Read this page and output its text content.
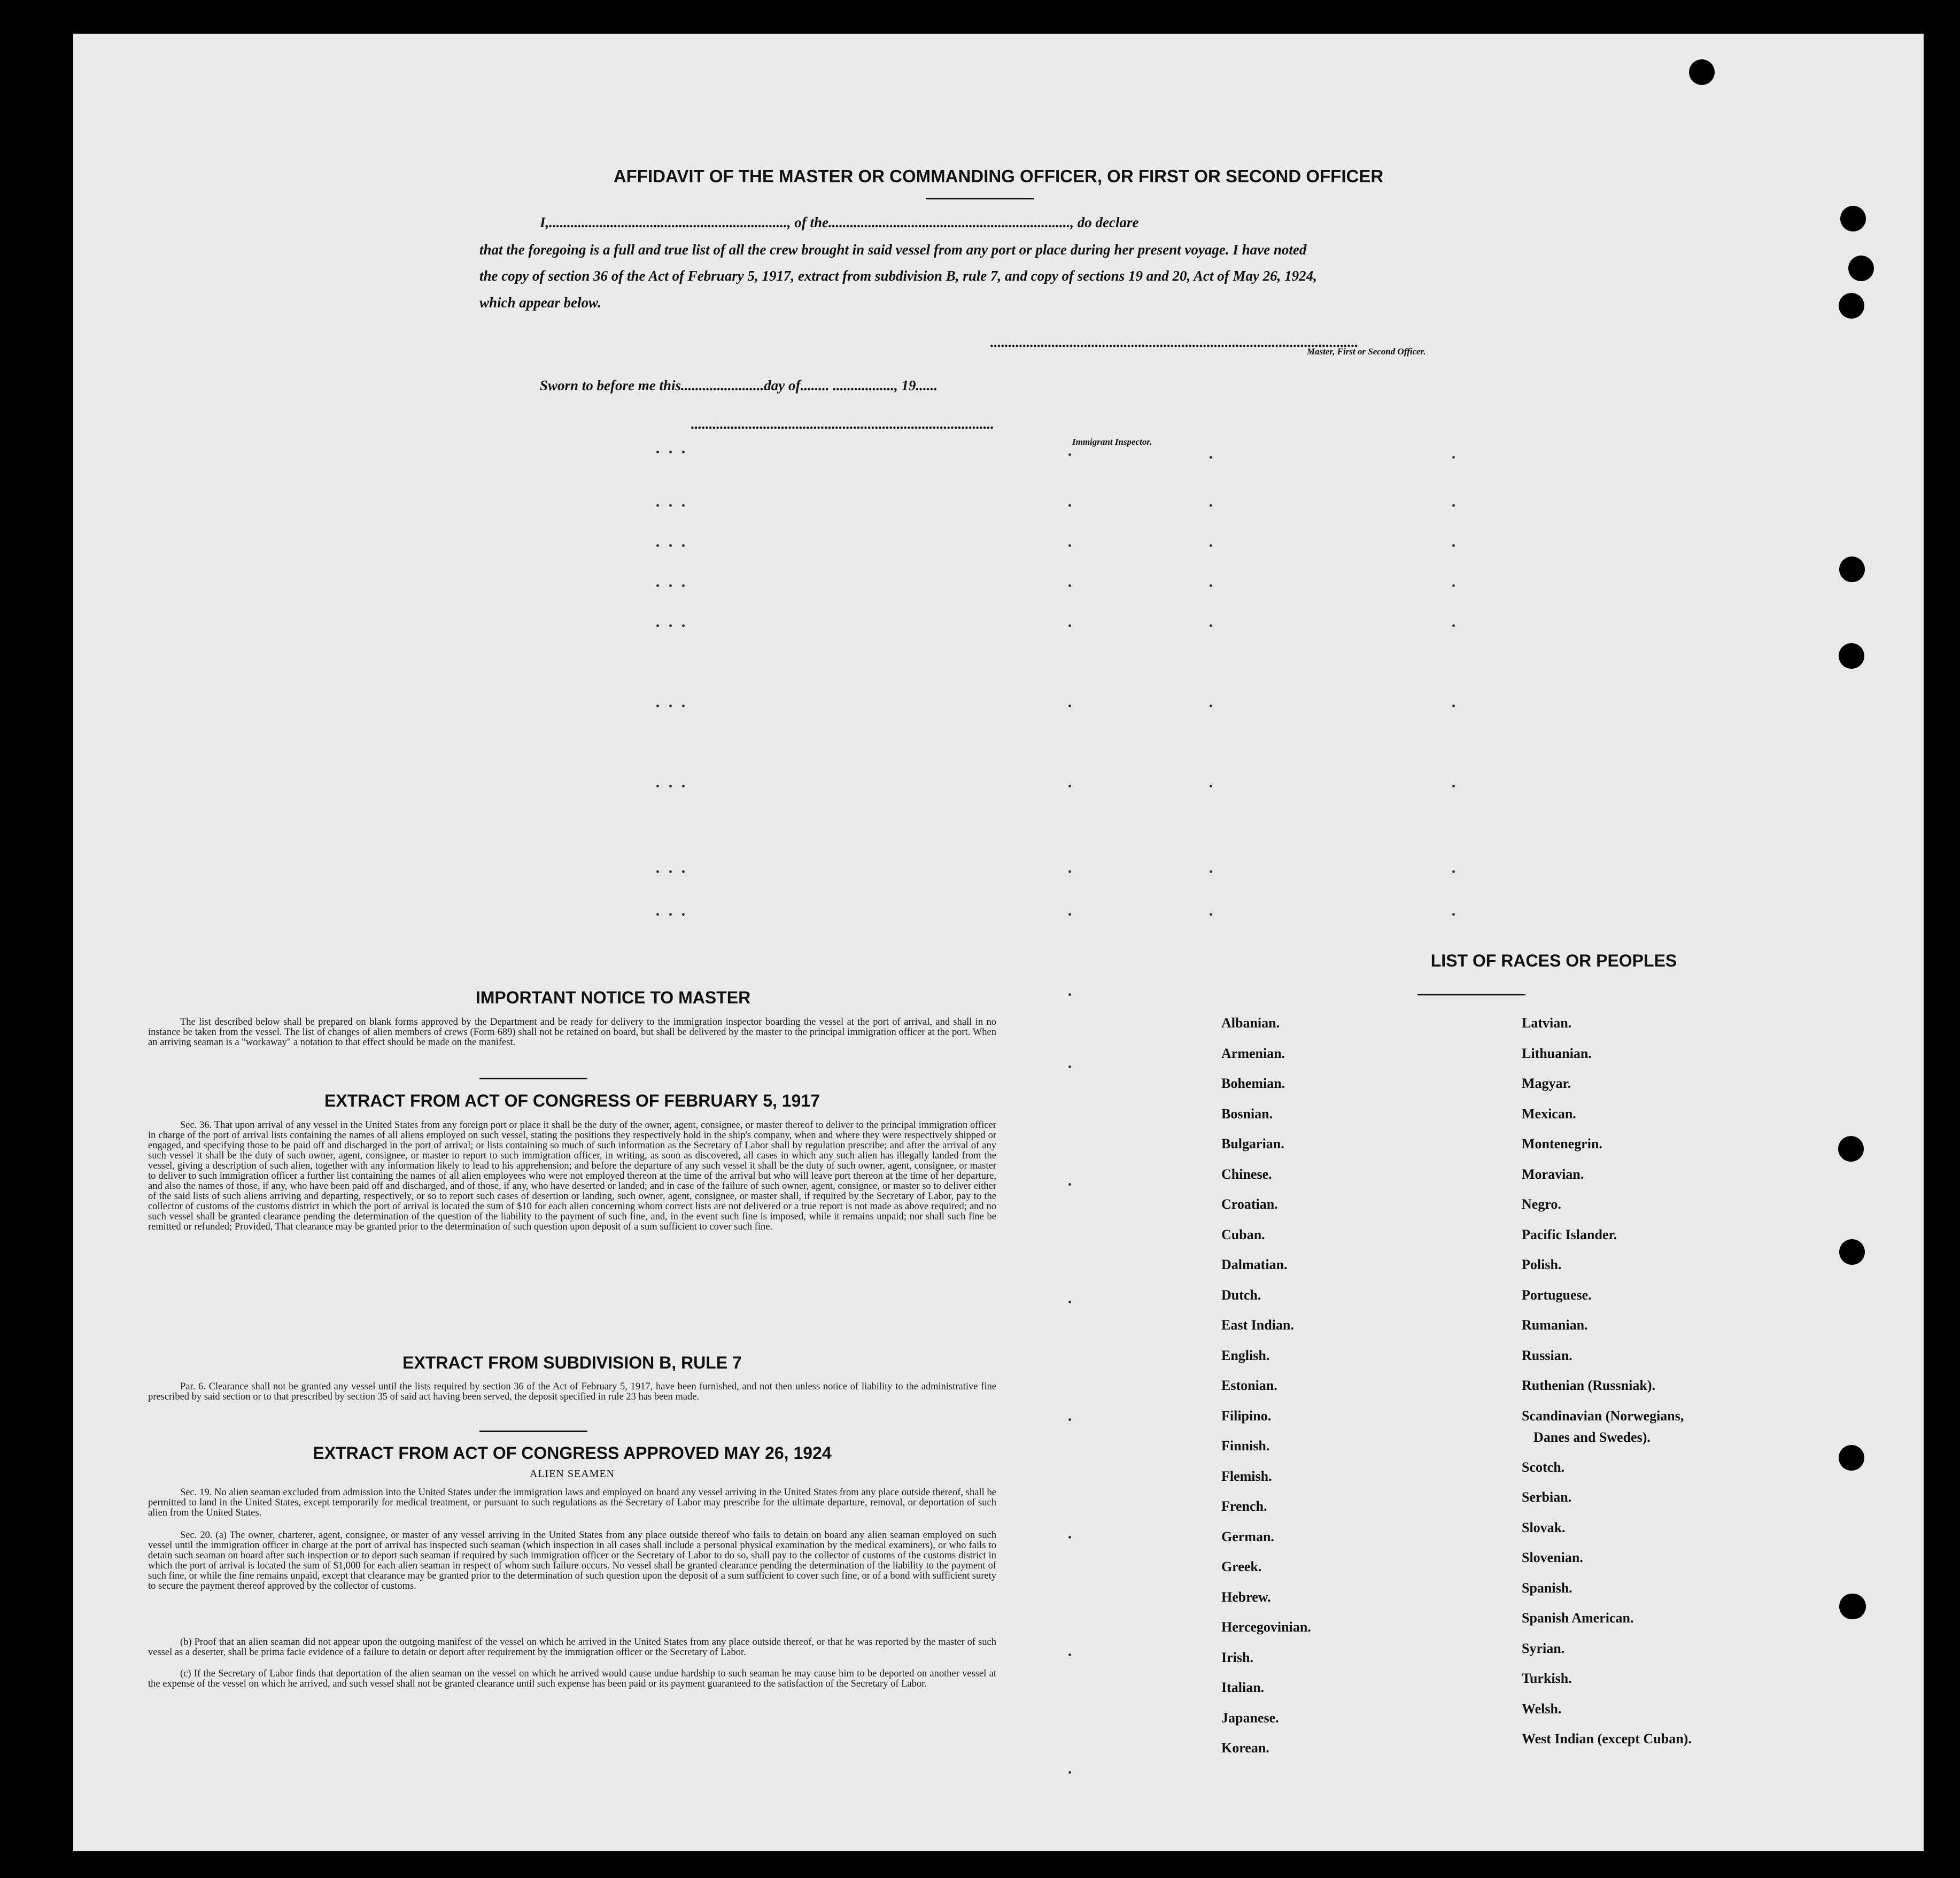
AFFIDAVIT OF THE MASTER OR COMMANDING OFFICER, OR FIRST OR SECOND OFFICER
I,.................................................................., of the..................................................................., do declare
that the foregoing is a full and true list of all the crew brought in said vessel from any port or place during her present voyage. I have noted
the copy of section 36 of the Act of February 5, 1917, extract from subdivision B, rule 7, and copy of sections 19 and 20, Act of May 26, 1924,
which appear below.
......................................................................................................
Master, First or Second Officer.
Sworn to before me this.......................day of........ ................., 19......
....................................................................................
Immigrant Inspector.
IMPORTANT NOTICE TO MASTER
The list described below shall be prepared on blank forms approved by the Department and be ready for delivery to the immigration inspector boarding the vessel at the port of arrival, and shall in no instance be taken from the vessel. The list of changes of alien members of crews (Form 689) shall not be retained on board, but shall be delivered by the master to the principal immigration officer at the port. When an arriving seaman is a "workaway" a notation to that effect should be made on the manifest.
EXTRACT FROM ACT OF CONGRESS OF FEBRUARY 5, 1917
Sec. 36. That upon arrival of any vessel in the United States from any foreign port or place it shall be the duty of the owner, agent, consignee, or master thereof to deliver to the principal immigration officer in charge of the port of arrival lists containing the names of all aliens employed on such vessel, stating the positions they respectively hold in the ship's company, when and where they were respectively shipped or engaged, and specifying those to be paid off and discharged in the port of arrival; or lists containing so much of such information as the Secretary of Labor shall by regulation prescribe; and after the arrival of any such vessel it shall be the duty of such owner, agent, consignee, or master to report to such immigration officer, in writing, as soon as discovered, all cases in which any such alien has illegally landed from the vessel, giving a description of such alien, together with any information likely to lead to his apprehension; and before the departure of any such vessel it shall be the duty of such owner, agent, consignee, or master to deliver to such immigration officer a further list containing the names of all alien employees who were not employed thereon at the time of the arrival but who will leave port thereon at the time of her departure, and also the names of those, if any, who have been paid off and discharged, and of those, if any, who have deserted or landed; and in case of the failure of such owner, agent, consignee, or master so to deliver either of the said lists of such aliens arriving and departing, respectively, or so to report such cases of desertion or landing, such owner, agent, consignee, or master shall, if required by the Secretary of Labor, pay to the collector of customs of the customs district in which the port of arrival is located the sum of $10 for each alien concerning whom correct lists are not delivered or a true report is not made as above required; and no such vessel shall be granted clearance pending the determination of the question of the liability to the payment of such fine, and, in the event such fine is imposed, while it remains unpaid; nor shall such fine be remitted or refunded; Provided, That clearance may be granted prior to the determination of such question upon deposit of a sum sufficient to cover such fine.
EXTRACT FROM SUBDIVISION B, RULE 7
Par. 6. Clearance shall not be granted any vessel until the lists required by section 36 of the Act of February 5, 1917, have been furnished, and not then unless notice of liability to the administrative fine prescribed by said section or to that prescribed by section 35 of said act having been served, the deposit specified in rule 23 has been made.
EXTRACT FROM ACT OF CONGRESS APPROVED MAY 26, 1924
ALIEN SEAMEN
Sec. 19. No alien seaman excluded from admission into the United States under the immigration laws and employed on board any vessel arriving in the United States from any place outside thereof, shall be permitted to land in the United States, except temporarily for medical treatment, or pursuant to such regulations as the Secretary of Labor may prescribe for the ultimate departure, removal, or deportation of such alien from the United States.
Sec. 20. (a) The owner, charterer, agent, consignee, or master of any vessel arriving in the United States from any place outside thereof who fails to detain on board any alien seaman employed on such vessel until the immigration officer in charge at the port of arrival has inspected such seaman (which inspection in all cases shall include a personal physical examination by the medical examiners), or who fails to detain such seaman on board after such inspection or to deport such seaman if required by such immigration officer or the Secretary of Labor to do so, shall pay to the collector of customs of the customs district in which the port of arrival is located the sum of $1,000 for each alien seaman in respect of whom such failure occurs. No vessel shall be granted clearance pending the determination of the liability to the payment of such fine, or while the fine remains unpaid, except that clearance may be granted prior to the determination of such question upon the deposit of a sum sufficient to cover such fine, or of a bond with sufficient surety to secure the payment thereof approved by the collector of customs.
(b) Proof that an alien seaman did not appear upon the outgoing manifest of the vessel on which he arrived in the United States from any place outside thereof, or that he was reported by the master of such vessel as a deserter, shall be prima facie evidence of a failure to detain or deport after requirement by the immigration officer or the Secretary of Labor.
(c) If the Secretary of Labor finds that deportation of the alien seaman on the vessel on which he arrived would cause undue hardship to such seaman he may cause him to be deported on another vessel at the expense of the vessel on which he arrived, and such vessel shall not be granted clearance until such expense has been paid or its payment guaranteed to the satisfaction of the Secretary of Labor.
LIST OF RACES OR PEOPLES
Albanian.
Armenian.
Bohemian.
Bosnian.
Bulgarian.
Chinese.
Croatian.
Cuban.
Dalmatian.
Dutch.
East Indian.
English.
Estonian.
Filipino.
Finnish.
Flemish.
French.
German.
Greek.
Hebrew.
Hercegovinian.
Irish.
Italian.
Japanese.
Korean.
Latvian.
Lithuanian.
Magyar.
Mexican.
Montenegrin.
Moravian.
Negro.
Pacific Islander.
Polish.
Portuguese.
Rumanian.
Russian.
Ruthenian (Russniak).
Scandinavian (Norwegians,
Danes and Swedes).
Scotch.
Serbian.
Slovak.
Slovenian.
Spanish.
Spanish American.
Syrian.
Turkish.
Welsh.
West Indian (except Cuban).
